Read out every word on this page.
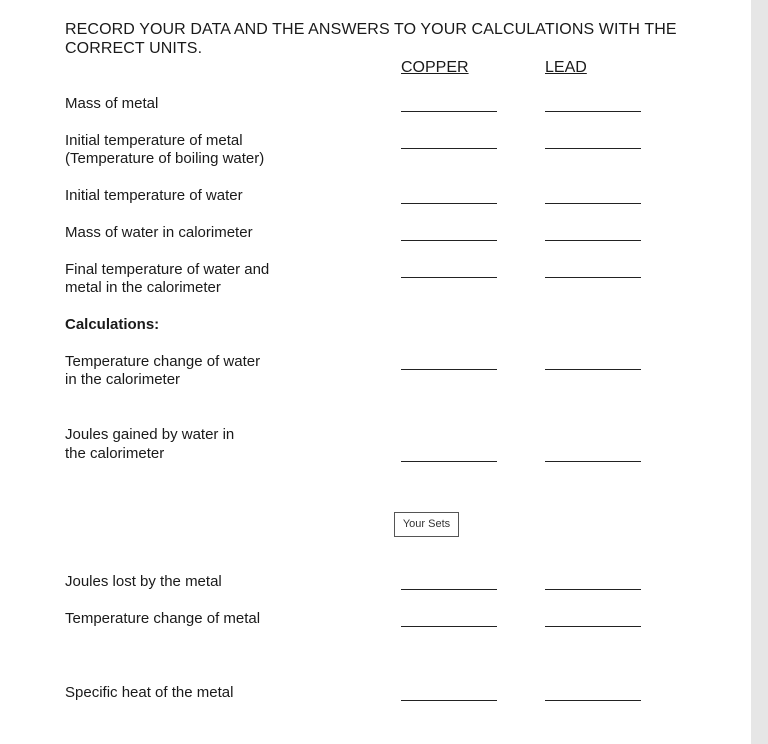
RECORD YOUR DATA AND THE ANSWERS TO YOUR CALCULATIONS WITH THE CORRECT UNITS.
COPPER	LEAD
Mass of metal
Initial temperature of metal
(Temperature of boiling water)
Initial temperature of water
Mass of water in calorimeter
Final temperature of water and
metal in the calorimeter
Calculations:
Temperature change of water
in the calorimeter
Joules gained by water in
the calorimeter
Your Sets
Joules lost by the metal
Temperature change of metal
Specific heat of the metal
